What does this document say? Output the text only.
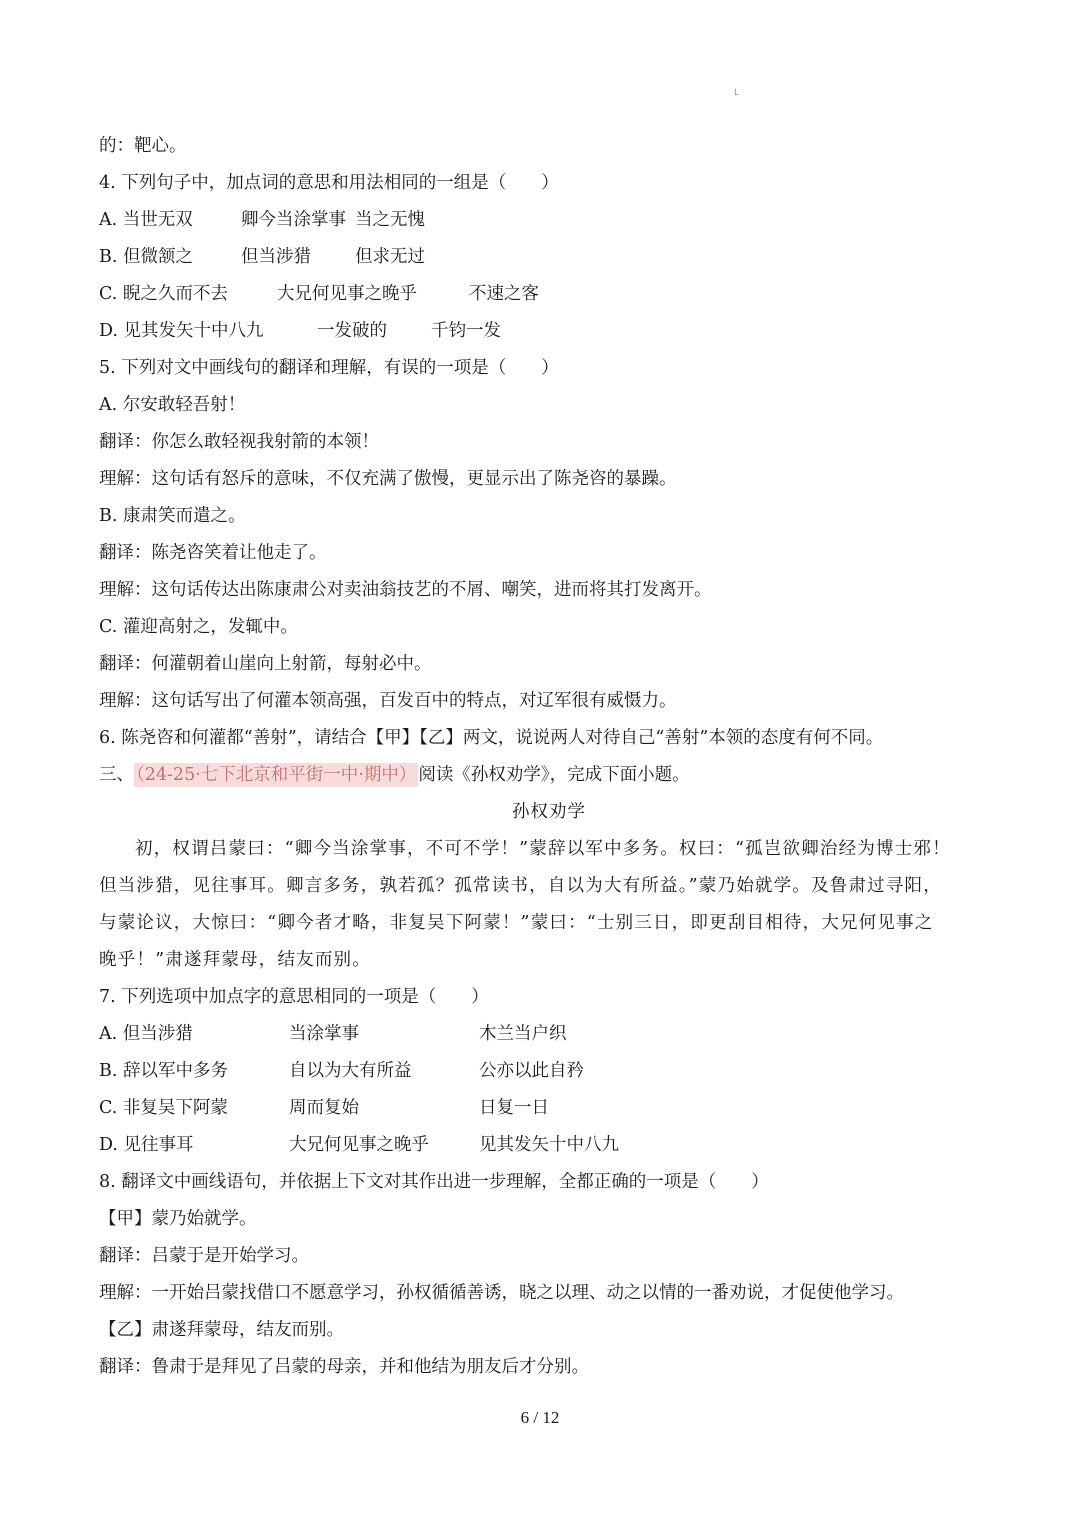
L
的：靶心。
4. 下列句子中，加点词的意思和用法相同的一组是（　　）
A. 当世无双	卿今当涂掌事 当之无愧
B. 但微颔之	但当涉猎	但求无过
C. 睨之久而不去	大兄何见事之晚乎	不速之客
D. 见其发矢十中八九	一发破的	千钧一发
5. 下列对文中画线句的翻译和理解，有误的一项是（　　）
A. 尔安敢轻吾射！
翻译：你怎么敢轻视我射箭的本领！
理解：这句话有怒斥的意味，不仅充满了傲慢，更显示出了陈尧咨的暴躁。
B. 康肃笑而遣之。
翻译：陈尧咨笑着让他走了。
理解：这句话传达出陈康肃公对卖油翁技艺的不屑、嘲笑，进而将其打发离开。
C. 灌迎高射之，发辄中。
翻译：何灌朝着山崖向上射箭，每射必中。
理解：这句话写出了何灌本领高强，百发百中的特点，对辽军很有威慑力。
6. 陈尧咨和何灌都“善射”，请结合【甲】【乙】两文，说说两人对待自己“善射”本领的态度有何不同。
三、 （24-25·七下北京和平街一中·期中） 阅读《孙权劝学》，完成下面小题。
孙权劝学
初，权谓吕蒙曰：“卿今当涂掌事，不可不学！”蒙辞以军中多务。权曰：“孤岂欲卿治经为博士邪！
但当涉猎，见往事耳。卿言多务，孰若孤？孤常读书，自以为大有所益。”蒙乃始就学。及鲁肃过寻阳，
与蒙论议，大惊曰：“卿今者才略，非复吴下阿蒙！”蒙曰：“士别三日，即更刮目相待，大兄何见事之
晚乎！”肃遂拜蒙母，结友而别。
7. 下列选项中加点字的意思相同的一项是（　　）
A. 但当涉猎	当涂掌事	木兰当户织
B. 辞以军中多务	自以为大有所益	公亦以此自矜
C. 非复吴下阿蒙	周而复始	日复一日
D. 见往事耳	大兄何见事之晚乎	见其发矢十中八九
8. 翻译文中画线语句，并依据上下文对其作出进一步理解，全都正确的一项是（　　）
【甲】蒙乃始就学。
翻译：吕蒙于是开始学习。
理解：一开始吕蒙找借口不愿意学习，孙权循循善诱，晓之以理、动之以情的一番劝说，才促使他学习。
【乙】肃遂拜蒙母，结友而别。
翻译：鲁肃于是拜见了吕蒙的母亲，并和他结为朋友后才分别。
6 / 12
